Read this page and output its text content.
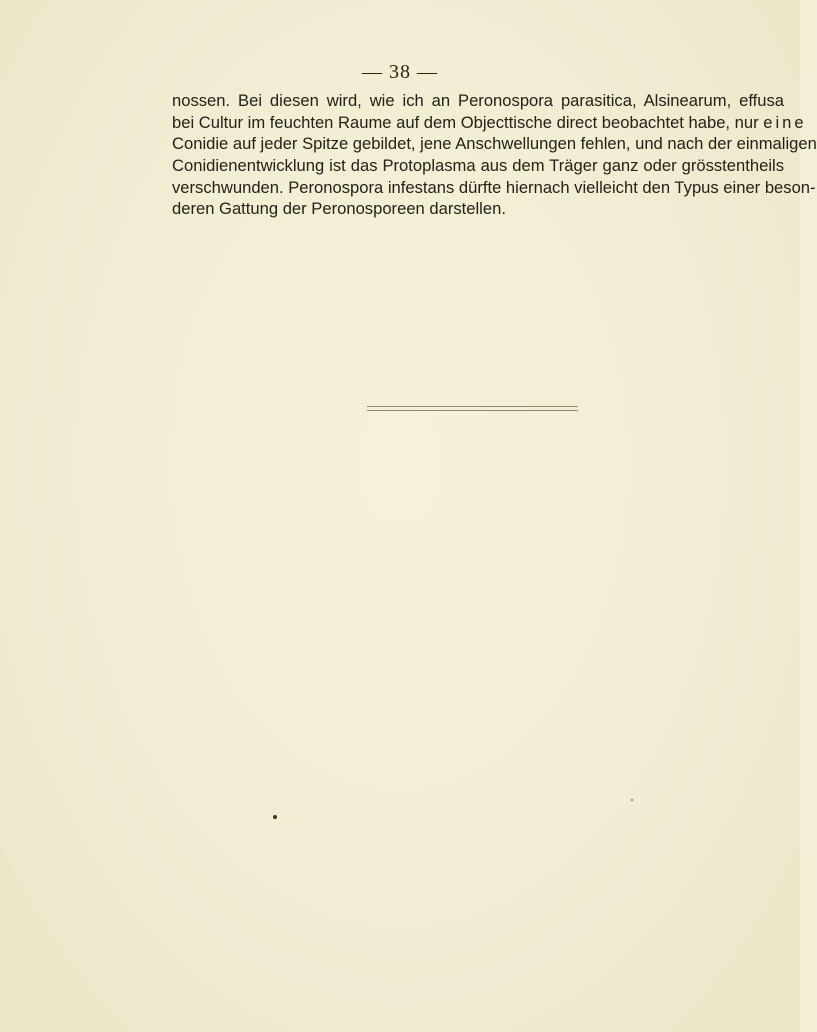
— 38 —
nossen. Bei diesen wird, wie ich an Peronospora parasitica, Alsinearum, effusa
bei Cultur im feuchten Raume auf dem Objecttische direct beobachtet habe, nur eine
Conidie auf jeder Spitze gebildet, jene Anschwellungen fehlen, und nach der einmaligen
Conidienentwicklung ist das Protoplasma aus dem Träger ganz oder grösstentheils
verschwunden. Peronospora infestans dürfte hiernach vielleicht den Typus einer beson-
deren Gattung der Peronosporeen darstellen.
